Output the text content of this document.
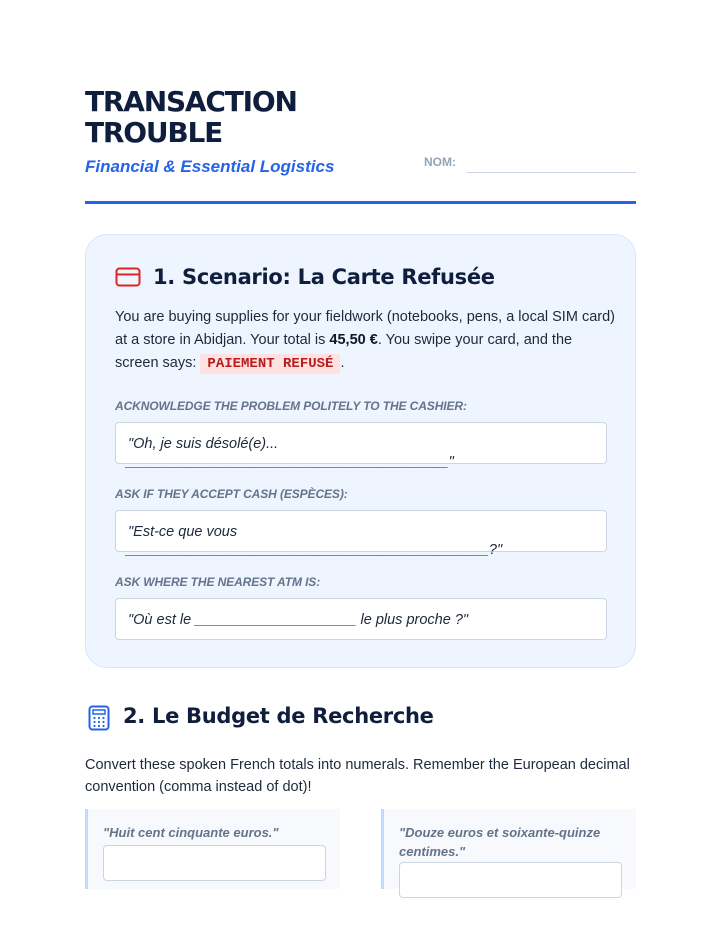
TRANSACTION TROUBLE
Financial & Essential Logistics	NOM:
1. Scenario: La Carte Refusée
You are buying supplies for your fieldwork (notebooks, pens, a local SIM card) at a store in Abidjan. Your total is 45,50 €. You swipe your card, and the screen says: PAIEMENT REFUSÉ .
ACKNOWLEDGE THE PROBLEM POLITELY TO THE CASHIER:
"Oh, je suis désolé(e)...
________________________________________"
ASK IF THEY ACCEPT CASH (ESPÈCES):
"Est-ce que vous
_____________________________________________?"
ASK WHERE THE NEAREST ATM IS:
"Où est le ____________________ le plus proche ?"
2. Le Budget de Recherche
Convert these spoken French totals into numerals. Remember the European decimal convention (comma instead of dot)!
"Huit cent cinquante euros."	"Douze euros et soixante-quinze centimes."
